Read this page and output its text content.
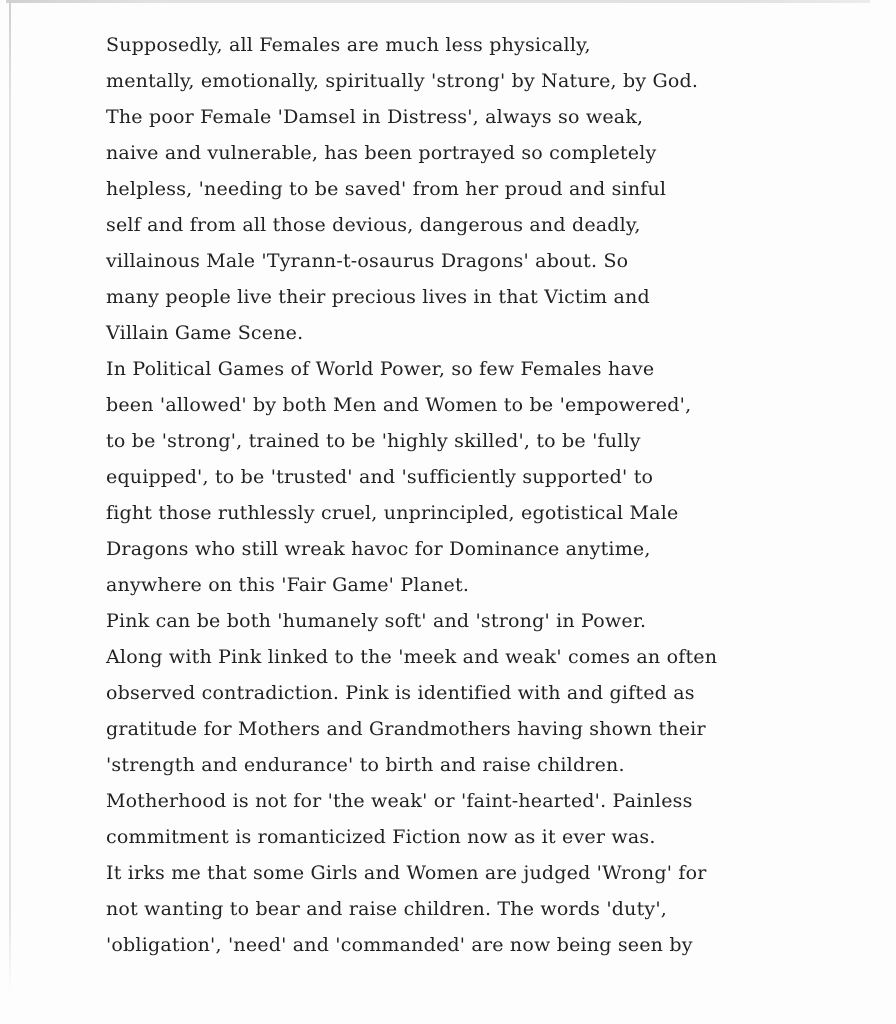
Supposedly, all Females are much less physically,
mentally, emotionally, spiritually 'strong' by Nature, by God.
The poor Female 'Damsel in Distress', always so weak,
naive and vulnerable, has been portrayed so completely
helpless, 'needing to be saved' from her proud and sinful
self and from all those devious, dangerous and deadly,
villainous Male 'Tyrann-t-osaurus Dragons' about. So
many people live their precious lives in that Victim and
Villain Game Scene.
In Political Games of World Power, so few Females have
been 'allowed' by both Men and Women to be 'empowered',
to be 'strong', trained to be 'highly skilled', to be 'fully
equipped', to be 'trusted' and 'sufficiently supported' to
fight those ruthlessly cruel, unprincipled, egotistical Male
Dragons who still wreak havoc for Dominance anytime,
anywhere on this 'Fair Game' Planet.
Pink can be both 'humanely soft' and 'strong' in Power.
Along with Pink linked to the 'meek and weak' comes an often
observed contradiction. Pink is identified with and gifted as
gratitude for Mothers and Grandmothers having shown their
'strength and endurance' to birth and raise children.
Motherhood is not for 'the weak' or 'faint-hearted'. Painless
commitment is romanticized Fiction now as it ever was.
It irks me that some Girls and Women are judged 'Wrong' for
not wanting to bear and raise children. The words 'duty',
'obligation', 'need' and 'commanded' are now being seen by
